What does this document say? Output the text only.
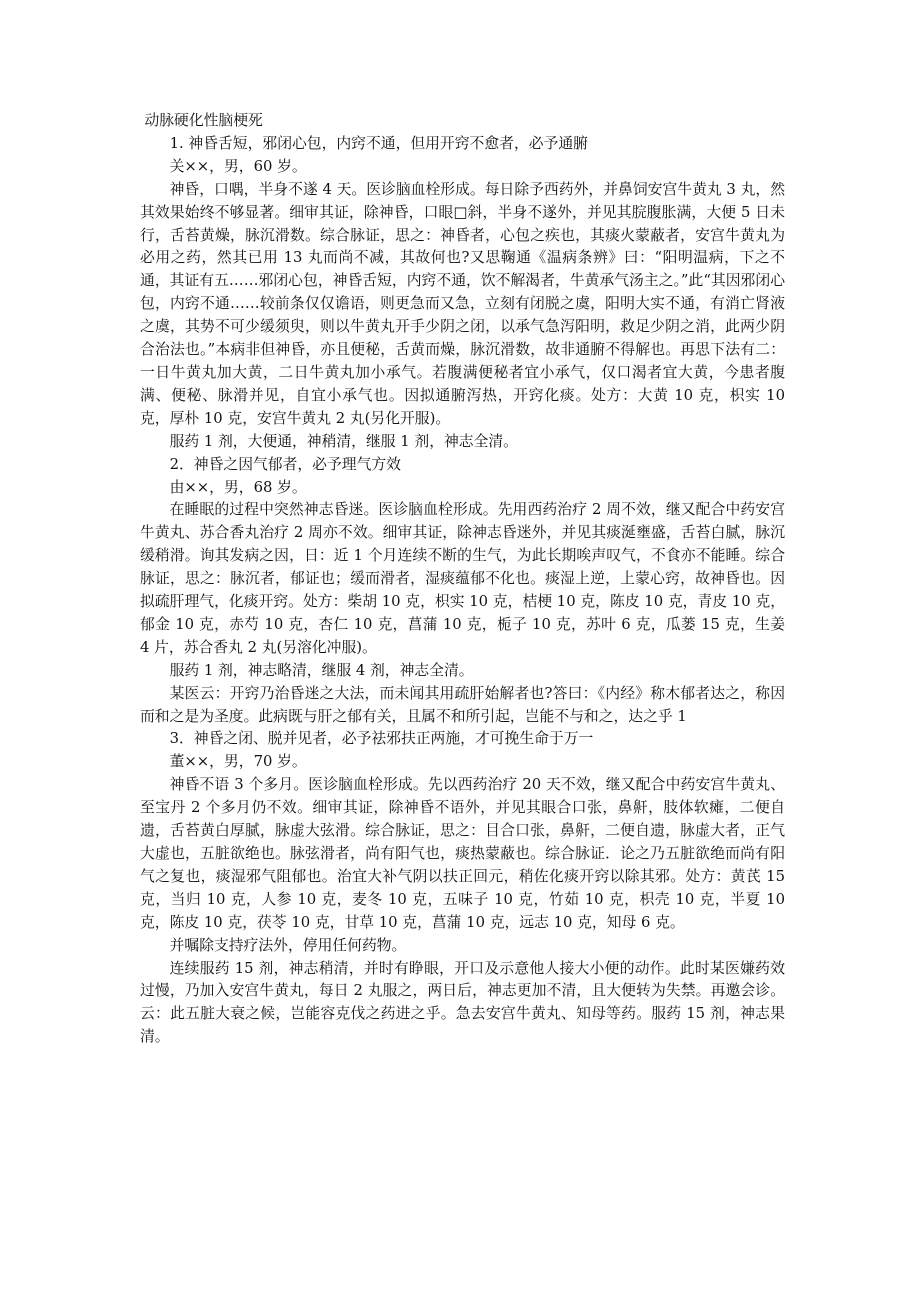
动脉硬化性脑梗死

1. 神昏舌短，邪闭心包，内窍不通，但用开窍不愈者，必予通腑

关××，男，60 岁。

神昏，口喁，半身不遂 4 天。医诊脑血栓形成。每日除予西药外，并鼻饲安宫牛黄丸 3 丸，然其效果始终不够显著。细审其证，除神昏，口眼□斜，半身不遂外，并见其脘腹胀满，大便 5 日未行，舌苔黄燥，脉沉滑数。综合脉证，思之：神昏者，心包之疾也，其痰火蒙蔽者，安宫牛黄丸为必用之药，然其已用 13 丸而尚不减，其故何也?又思鞠通《温病条辨》曰：“阳明温病，下之不通，其证有五……邪闭心包，神昏舌短，内窍不通，饮不解渴者，牛黄承气汤主之。”此“其因邪闭心包，内窍不通……较前条仅仅谵语，则更急而又急，立刻有闭脱之虞，阳明大实不通，有消亡肾液之虞，其势不可少缓须臾，则以牛黄丸开手少阴之闭，以承气急泻阳明，救足少阴之消，此两少阴合治法也。”本病非但神昏，亦且便秘，舌黄而燥，脉沉滑数，故非通腑不得解也。再思下法有二：一日牛黄丸加大黄，二日牛黄丸加小承气。若腹满便秘者宜小承气，仅口渴者宜大黄，今患者腹满、便秘、脉滑并见，自宜小承气也。因拟通腑泻热，开窍化痰。处方：大黄 10 克，枳实 10 克，厚朴 10 克，安宫牛黄丸 2 丸(另化开服)。

服药 1 剂，大便通，神稍清，继服 1 剂，神志全清。

2．神昏之因气郁者，必予理气方效

由××，男，68 岁。

在睡眠的过程中突然神志昏迷。医诊脑血栓形成。先用西药治疗 2 周不效，继又配合中药安宫牛黄丸、苏合香丸治疗 2 周亦不效。细审其证，除神志昏迷外，并见其痰涎壅盛，舌苔白腻，脉沉缓稍滑。询其发病之因，日：近 1 个月连续不断的生气，为此长期唉声叹气，不食亦不能睡。综合脉证，思之：脉沉者，郁证也；缓而滑者，湿痰蕴郁不化也。痰湿上逆，上蒙心窍，故神昏也。因拟疏肝理气，化痰开窍。处方：柴胡 10 克，枳实 10 克，桔梗 10 克，陈皮 10 克，青皮 10 克，郁金 10 克，赤芍 10 克，杏仁 10 克，菖蒲 10 克，栀子 10 克，苏叶 6 克，瓜蒌 15 克，生姜 4 片，苏合香丸 2 丸(另溶化冲服)。

服药 1 剂，神志略清，继服 4 剂，神志全清。

某医云：开窍乃治昏迷之大法，而未闻其用疏肝始解者也?答曰：《内经》称木郁者达之，称因而和之是为圣度。此病既与肝之郁有关，且属不和所引起，岂能不与和之，达之乎 1

3．神昏之闭、脱并见者，必予祛邪扶正两施，才可挽生命于万一

董××，男，70 岁。

神昏不语 3 个多月。医诊脑血栓形成。先以西药治疗 20 天不效，继又配合中药安宫牛黄丸、至宝丹 2 个多月仍不效。细审其证，除神昏不语外，并见其眼合口张，鼻鼾，肢体软瘫，二便自遗，舌苔黄白厚腻，脉虚大弦滑。综合脉证，思之：目合口张，鼻鼾，二便自遗，脉虚大者，正气大虚也，五脏欲绝也。脉弦滑者，尚有阳气也，痰热蒙蔽也。综合脉证．论之乃五脏欲绝而尚有阳气之复也，痰湿邪气阻郁也。治宜大补气阴以扶正回元，稍佐化痰开窍以除其邪。处方：黄芪 15 克，当归 10 克，人参 10 克，麦冬 10 克，五味子 10 克，竹茹 10 克，枳壳 10 克，半夏 10 克，陈皮 10 克，茯苓 10 克，甘草 10 克，菖蒲 10 克，远志 10 克，知母 6 克。

并嘱除支持疗法外，停用任何药物。

连续服药 15 剂，神志稍清，并时有睁眼，开口及示意他人接大小便的动作。此时某医嫌药效过慢，乃加入安宫牛黄丸，每日 2 丸服之，两日后，神志更加不清，且大便转为失禁。再邀会诊。云：此五脏大衰之候，岂能容克伐之药进之乎。急去安宫牛黄丸、知母等药。服药 15 剂，神志果清。
